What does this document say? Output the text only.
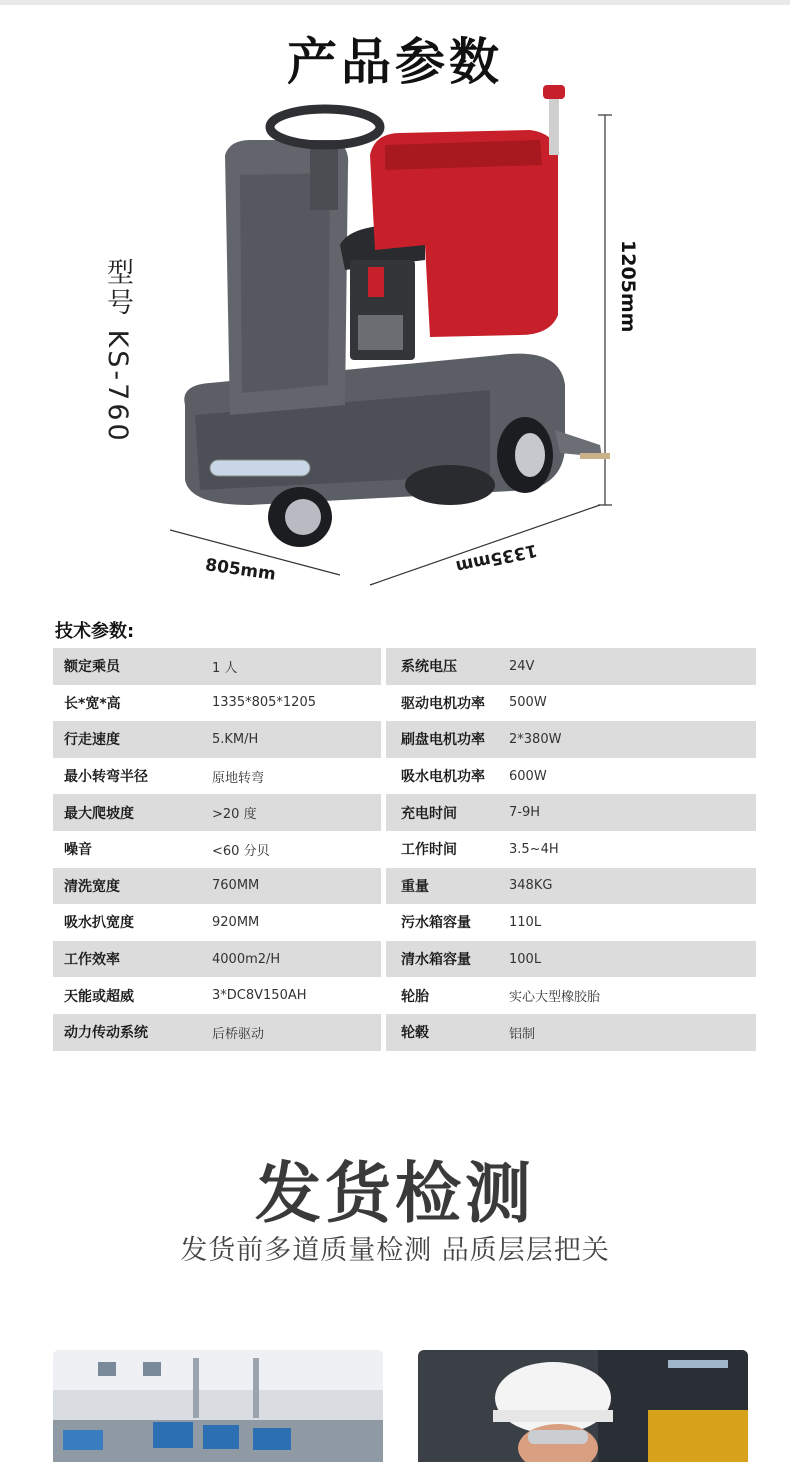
产品参数
型号 KS-760	1205mm
805mm	1335mm
技术参数:
额定乘员	1 人
长*宽*高	1335*805*1205
行走速度	5.KM/H
最小转弯半径	原地转弯
最大爬坡度	>20 度
噪音	<60 分贝
清洗宽度	760MM
吸水扒宽度	920MM
工作效率	4000m2/H
天能或超威	3*DC8V150AH
动力传动系统	后桥驱动
系统电压	24V
驱动电机功率	500W
刷盘电机功率	2*380W
吸水电机功率	600W
充电时间	7-9H
工作时间	3.5~4H
重量	348KG
污水箱容量	110L
清水箱容量	100L
轮胎	实心大型橡胶胎
轮毂	铝制
发货检测
发货前多道质量检测 品质层层把关
